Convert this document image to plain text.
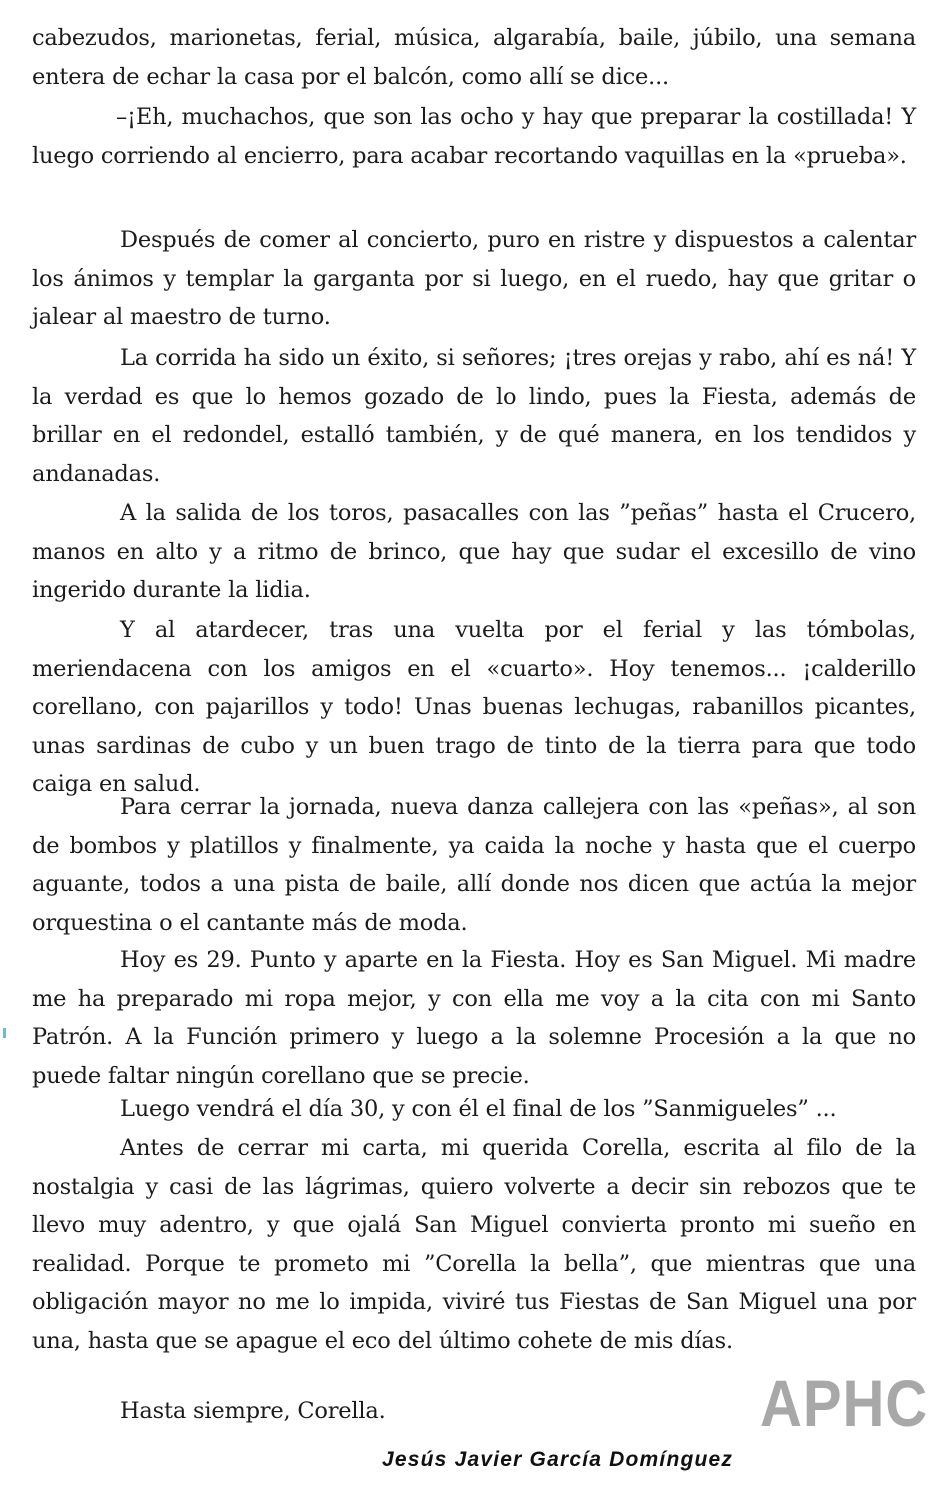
cabezudos, marionetas, ferial, música, algarabía, baile, júbilo, una semana entera de echar la casa por el balcón, como allí se dice...

–¡Eh, muchachos, que son las ocho y hay que preparar la costillada! Y luego corriendo al encierro, para acabar recortando vaquillas en la «prueba».

Después de comer al concierto, puro en ristre y dispuestos a calentar los ánimos y templar la garganta por si luego, en el ruedo, hay que gritar o jalear al maestro de turno.

La corrida ha sido un éxito, si señores; ¡tres orejas y rabo, ahí es ná! Y la verdad es que lo hemos gozado de lo lindo, pues la Fiesta, además de brillar en el redondel, estalló también, y de qué manera, en los tendidos y andanadas.

A la salida de los toros, pasacalles con las ”peñas” hasta el Crucero, manos en alto y a ritmo de brinco, que hay que sudar el excesillo de vino ingerido durante la lidia.

Y al atardecer, tras una vuelta por el ferial y las tómbolas, meriendacena con los amigos en el «cuarto». Hoy tenemos... ¡calderillo corellano, con pajarillos y todo! Unas buenas lechugas, rabanillos picantes, unas sardinas de cubo y un buen trago de tinto de la tierra para que todo caiga en salud.

Para cerrar la jornada, nueva danza callejera con las «peñas», al son de bombos y platillos y finalmente, ya caida la noche y hasta que el cuerpo aguante, todos a una pista de baile, allí donde nos dicen que actúa la mejor orquestina o el cantante más de moda.

Hoy es 29. Punto y aparte en la Fiesta. Hoy es San Miguel. Mi madre me ha preparado mi ropa mejor, y con ella me voy a la cita con mi Santo Patrón. A la Función primero y luego a la solemne Procesión a la que no puede faltar ningún corellano que se precie.

Luego vendrá el día 30, y con él el final de los ”Sanmigueles” ...

Antes de cerrar mi carta, mi querida Corella, escrita al filo de la nostalgia y casi de las lágrimas, quiero volverte a decir sin rebozos que te llevo muy adentro, y que ojalá San Miguel convierta pronto mi sueño en realidad. Porque te prometo mi ”Corella la bella”, que mientras que una obligación mayor no me lo impida, viviré tus Fiestas de San Miguel una por una, hasta que se apague el eco del último cohete de mis días.

Hasta siempre, Corella.	APHC
Jesús Javier García Domínguez
